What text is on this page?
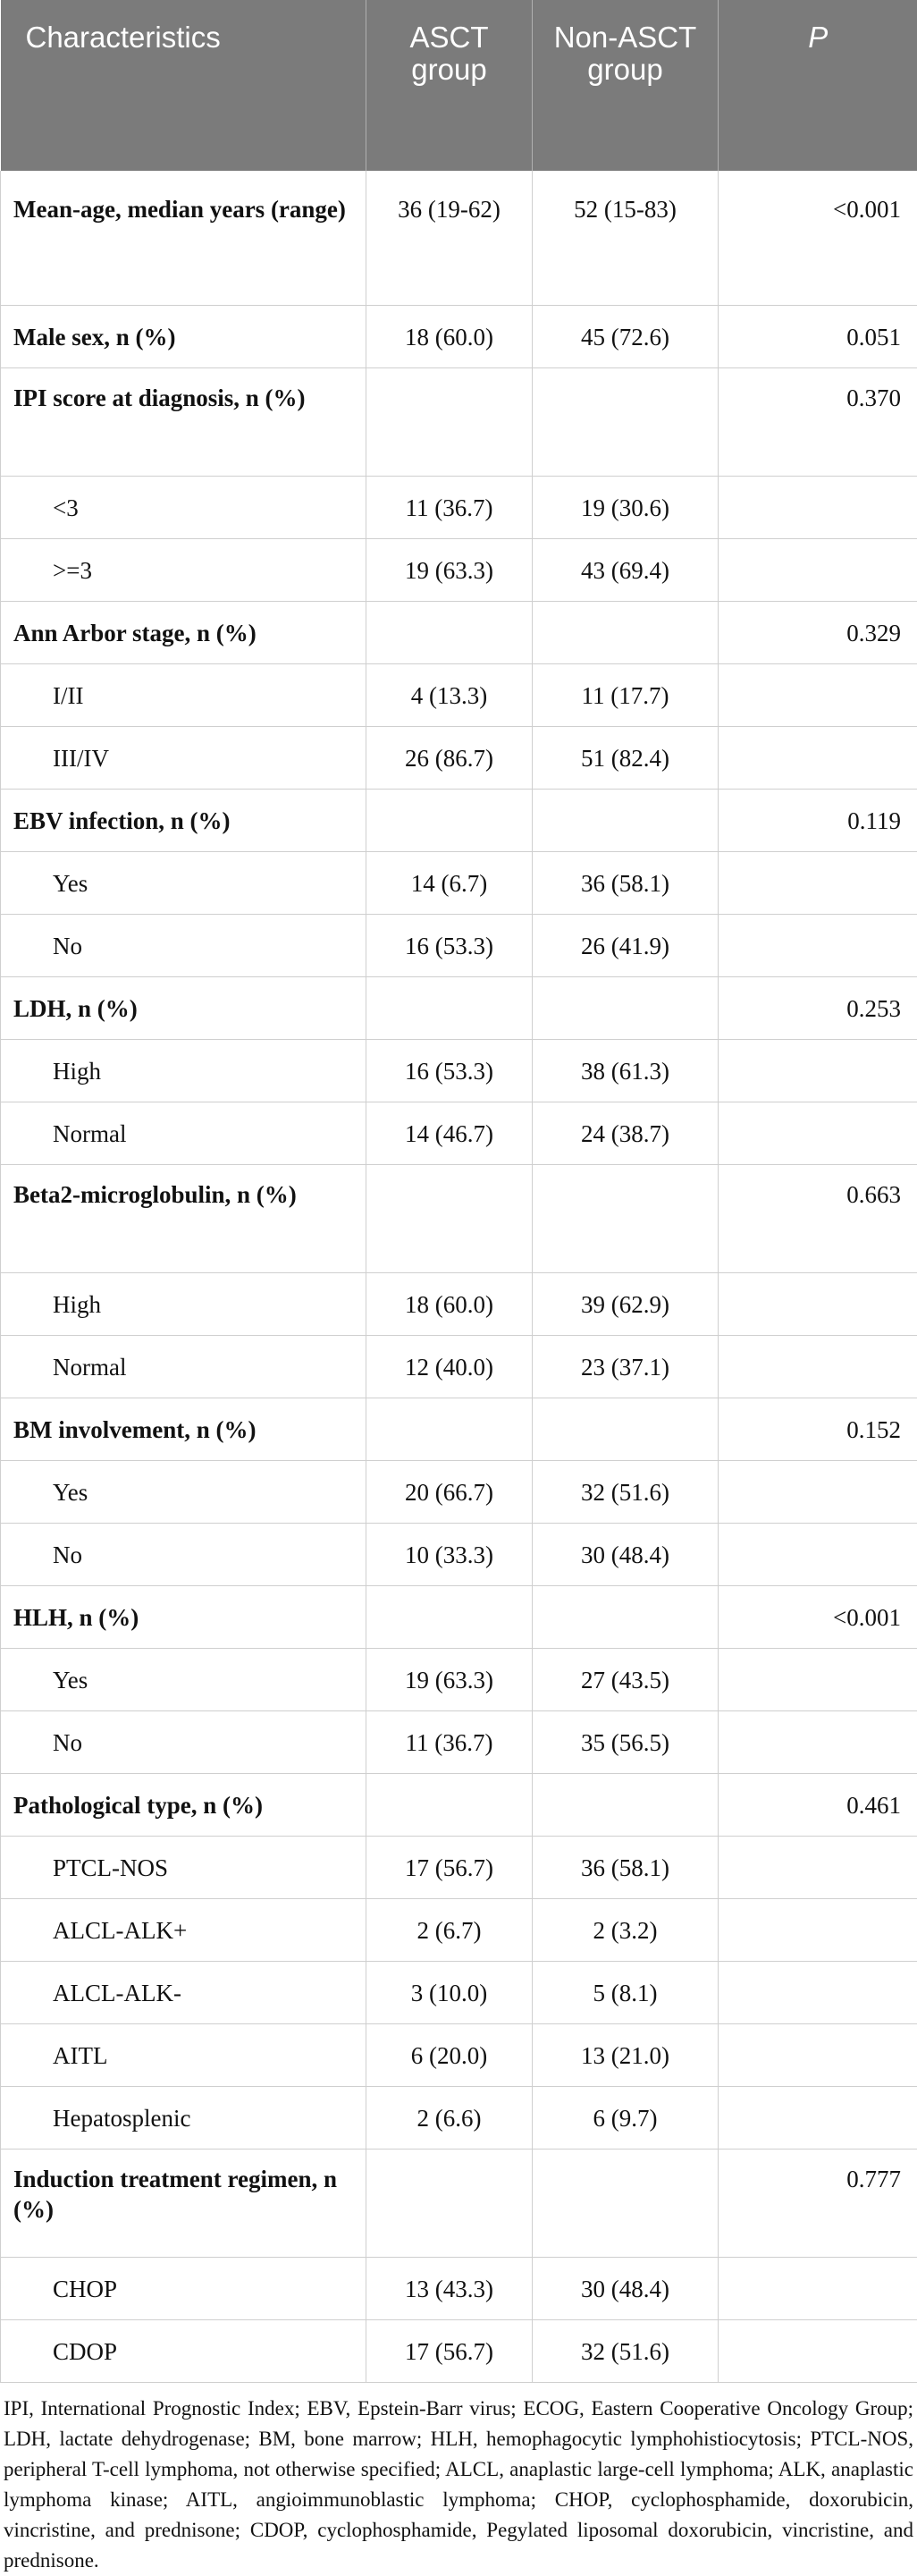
Characteristics	ASCT group	Non-ASCT group	P
Mean-age, median years (range)	36 (19-62)	52 (15-83)	<0.001
Male sex, n (%)	18 (60.0)	45 (72.6)	0.051
IPI score at diagnosis, n (%)			0.370
<3	11 (36.7)	19 (30.6)	
>=3	19 (63.3)	43 (69.4)	
Ann Arbor stage, n (%)			0.329
I/II	4 (13.3)	11 (17.7)	
III/IV	26 (86.7)	51 (82.4)	
EBV infection, n (%)			0.119
Yes	14 (6.7)	36 (58.1)	
No	16 (53.3)	26 (41.9)	
LDH, n (%)			0.253
High	16 (53.3)	38 (61.3)	
Normal	14 (46.7)	24 (38.7)	
Beta2-microglobulin, n (%)			0.663
High	18 (60.0)	39 (62.9)	
Normal	12 (40.0)	23 (37.1)	
BM involvement, n (%)			0.152
Yes	20 (66.7)	32 (51.6)	
No	10 (33.3)	30 (48.4)	
HLH, n (%)			<0.001
Yes	19 (63.3)	27 (43.5)	
No	11 (36.7)	35 (56.5)	
Pathological type, n (%)			0.461
PTCL-NOS	17 (56.7)	36 (58.1)	
ALCL-ALK+	2 (6.7)	2 (3.2)	
ALCL-ALK-	3 (10.0)	5 (8.1)	
AITL	6 (20.0)	13 (21.0)	
Hepatosplenic	2 (6.6)	6 (9.7)	
Induction treatment regimen, n (%)			0.777
CHOP	13 (43.3)	30 (48.4)	
CDOP	17 (56.7)	32 (51.6)	
IPI, International Prognostic Index; EBV, Epstein-Barr virus; ECOG, Eastern Cooperative Oncology Group; LDH, lactate dehydrogenase; BM, bone marrow; HLH, hemophagocytic lymphohistiocytosis; PTCL-NOS, peripheral T-cell lymphoma, not otherwise specified; ALCL, anaplastic large-cell lymphoma; ALK, anaplastic lymphoma kinase; AITL, angioimmunoblastic lymphoma; CHOP, cyclophosphamide, doxorubicin, vincristine, and prednisone; CDOP, cyclophosphamide, Pegylated liposomal doxorubicin, vincristine, and prednisone.
